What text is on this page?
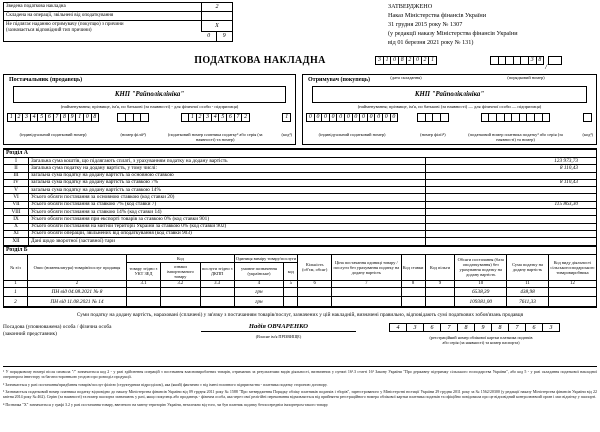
Зведена податкова накладна	2
Складена на операції, звільнені від оподаткування
Не підлягає наданню отримувачу (покупцю) з причини
(зазначається відповідний тип причини)
X
0	9
ЗАТВЕРДЖЕНО
Наказ Міністерства фінансів України
31 грудня 2015 року № 1307
(у редакції наказу Міністерства фінансів України
від 01 березня 2021 року № 131)
ПОДАТКОВА НАКЛАДНА	3 1 0 8 2 0 2 1
(дата складання)
3 8/
(порядковий номер)
Постачальник (продавець)
КНП "Райполіклініка"
(найменування; прізвище, ім'я, по батькові (за наявності) - для фізичної особи - підприємця)
1 2 3 4 5 6 7 8 9 1 0 8
(індивідуальний податковий номер)	(номер філії²)
1 2 3 4 5 6 7 2
(податковий номер платника податку³ або серія (за наявності) та номер)
1
(код³)
Отримувач (покупець)
КНП "Райполіклініка"
(найменування; прізвище, ім'я, по батькові (за наявності) — для фізичної особи — підприємця)
0 0 0 0 0 0 0 0 0 0 0 0
(індивідуальний податковий номер)	(номер філії²)	(податковий номер платника податку³ або серія (за наявності) та номер)
(код³)
Розділ А		
I	Загальна сума коштів, що підлягають сплаті, з урахуванням податку на додану вартість	123 973,73
II	Загальна сума податку на додану вартість, у тому числі:	8 110,43
III	загальна сума податку на додану вартість за основною ставкою	
IV	загальна сума податку на додану вартість за ставкою 7%	8 110,43
V	загальна сума податку на додану вартість за ставкою 14%	
VI	Усього обсяги постачання за основною ставкою (код ставки 20)	
VII	Усього обсяги постачання за ставкою 7% (код ставки 7)	115 863,30
VIII	Усього обсяги постачання за ставкою 14% (код ставки 14)	
IX	Усього обсяги постачання при експорті товарів за ставкою 0% (код ставки 901)	
X	Усього обсяги постачання на митній території України за ставкою 0% (код ставки 902)	
XI	Усього обсяги операцій, звільнених від оподаткування (код ставки 903)	
XII	Дані щодо зворотної (заставної) тари	
Розділ Б													
№ з/п	Опис (номенклатура) товарів/послуг продавця	Код			Одиниця виміру товару/послуги		Кількість (об'єм, обсяг)	Ціна постачання одиниці товару / послуги без урахування податку на додану вартість	Код ставки	Код пільги	Обсяги постачання (база оподаткування) без урахування податку на додану вартість	Сума податку на додану вартість	Код виду діяльності сільськогосподарського товаровиробника
		товару згідно з УКТ ЗЕД	ознаки імпортованого товару	послуги згідно з ДКПП	умовне позначення (українське)	код							
1	2	3.1	3.2	3.3	4	5	6	7	8	9	10	11	12
1	ПН від 04.08.2021 № 8				грн						6538,39	438,98	
2	ПН від 11.08.2021 № 14				грн						109381,00	7611,33	
Суми податку на додану вартість, нараховані (сплачені) у зв'язку з постачанням товарів/послуг, зазначених у цій накладній, визначені правильно, відповідають сумі податкових зобов'язань продавця
Посадова (уповноважена) особа / фізична особа
(законний представник)
Надія ОВЧАРЕНКО
(Власне ім'я ПРІЗВИЩЕ)
4 3 6 7 8 9 8 7 6 3
(реєстраційний номер облікової картки платника податків
або серія (за наявності) та номер паспорта)
¹ У порядковому номері після символа "/" зазначається код 2 - у разі здійснення операцій з постачання власновироблених товарів, отриманих за результатами видів діяльності, визначених у пункті 16¹.3 статті 16¹ Закону України "Про державну підтримку сільського господарства України", або код 5 - у разі складання податкової накладної оператором інвестору за багатосторонньою угодою про розподіл продукції.
² Зазначається у разі постачання/придбання товарів/послуг філією (структурним підрозділом), яка (який) фактично є від імені головного підприємства - платника податку стороною договору.
³ Зазначається податковий номер платника податку відповідно до наказу Міністерства фінансів України від 09 грудня 2011 року № 1588 "Про затвердження Порядку обліку платників податків і зборів", зареєстрованого у Міністерстві юстиції України 29 грудня 2011 року за № 1562/20300 (у редакції наказу Міністерства фінансів України від 22 квітня 2014 року № 462). Серію (за наявності) та номер паспорта зазначають у разі, якщо покупець або продавець - фізична особа, яка через свої релігійні переконання відмовляється від прийняття реєстраційного номера облікової картки платника податків та офіційно повідомила про це відповідний контролюючий орган і має відмітку у паспорті.
⁴ Позначка "Х" зазначається у графі 3.2 у разі постачання товару, ввезеного на митну територію України, незалежно від того, чи був платник податку безпосереднім імпортером такого товару.
